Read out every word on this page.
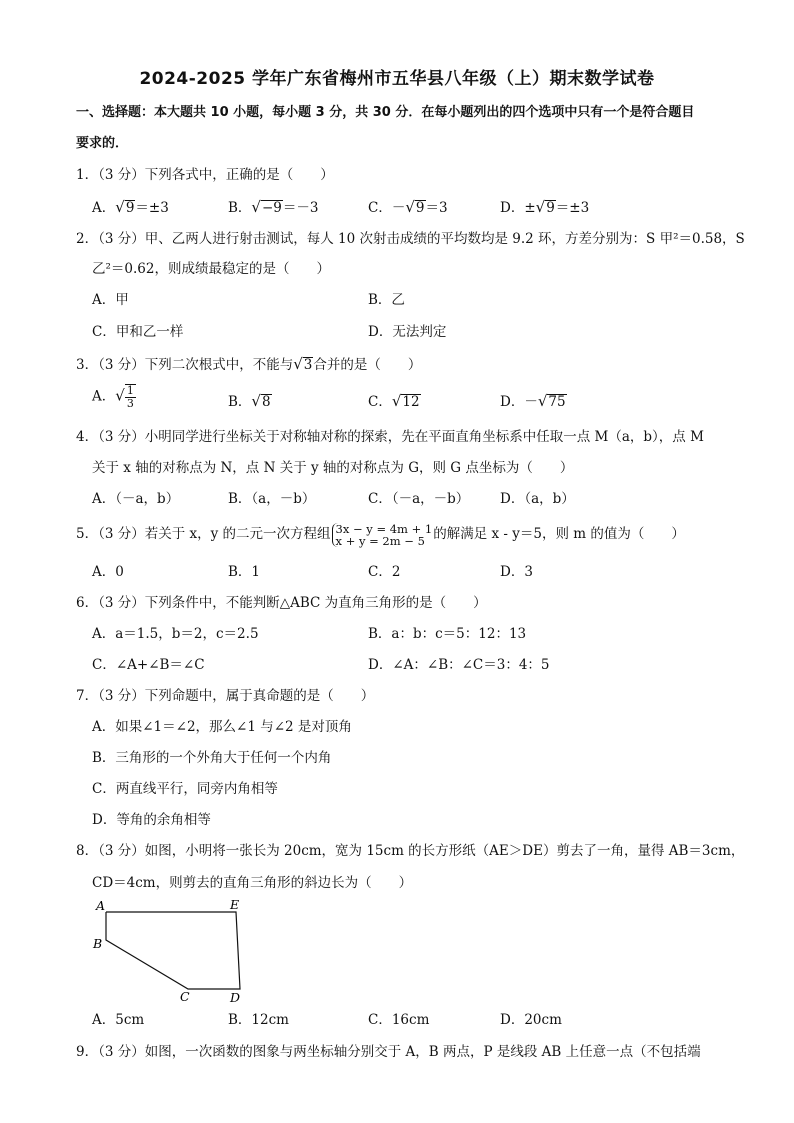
2024-2025 学年广东省梅州市五华县八年级（上）期末数学试卷
一、选择题：本大题共 10 小题，每小题 3 分，共 30 分．在每小题列出的四个选项中只有一个是符合题目
要求的．
1．（3 分）下列各式中，正确的是（　　）
A．√9＝±3	B．√−9＝－3	C．－√9＝3	D．±√9＝±3
2．（3 分）甲、乙两人进行射击测试，每人 10 次射击成绩的平均数均是 9.2 环，方差分别为：S 甲²＝0.58，S
乙²＝0.62，则成绩最稳定的是（　　）
A．甲	B．乙
C．甲和乙一样	D．无法判定
3．（3 分）下列二次根式中，不能与√3合并的是（　　）
A．√ $\frac{1}{3}$	B．√8	C．√12	D．－√75
4．（3 分）小明同学进行坐标关于对称轴对称的探索，先在平面直角坐标系中任取一点 M（a，b），点 M
关于 x 轴的对称点为 N，点 N 关于 y 轴的对称点为 G，则 G 点坐标为（　　）
A．（－a，b）	B．（a，－b）	C．（－a，－b） D．（a，b）
5．（3 分）若关于 x，y 的二元一次方程组 3x − y = 4m + 1
x + y = 2m − 5 的解满足 x - y＝5，则 m 的值为（　　）
A．0	B．1	C．2	D．3
6．（3 分）下列条件中，不能判断△ABC 为直角三角形的是（　　）
A．a＝1.5，b＝2，c＝2.5	B．a：b：c＝5：12：13
C．∠A+∠B＝∠C	D．∠A：∠B：∠C＝3：4：5
7．（3 分）下列命题中，属于真命题的是（　　）
A．如果∠1＝∠2，那么∠1 与∠2 是对顶角
B．三角形的一个外角大于任何一个内角
C．两直线平行，同旁内角相等
D．等角的余角相等
8．（3 分）如图，小明将一张长为 20cm，宽为 15cm 的长方形纸（AE＞DE）剪去了一角，量得 AB＝3cm，
CD＝4cm，则剪去的直角三角形的斜边长为（　　）
A	E
B
C	D
A．5cm	B．12cm	C．16cm	D．20cm
9．（3 分）如图，一次函数的图象与两坐标轴分别交于 A，B 两点，P 是线段 AB 上任意一点（不包括端
